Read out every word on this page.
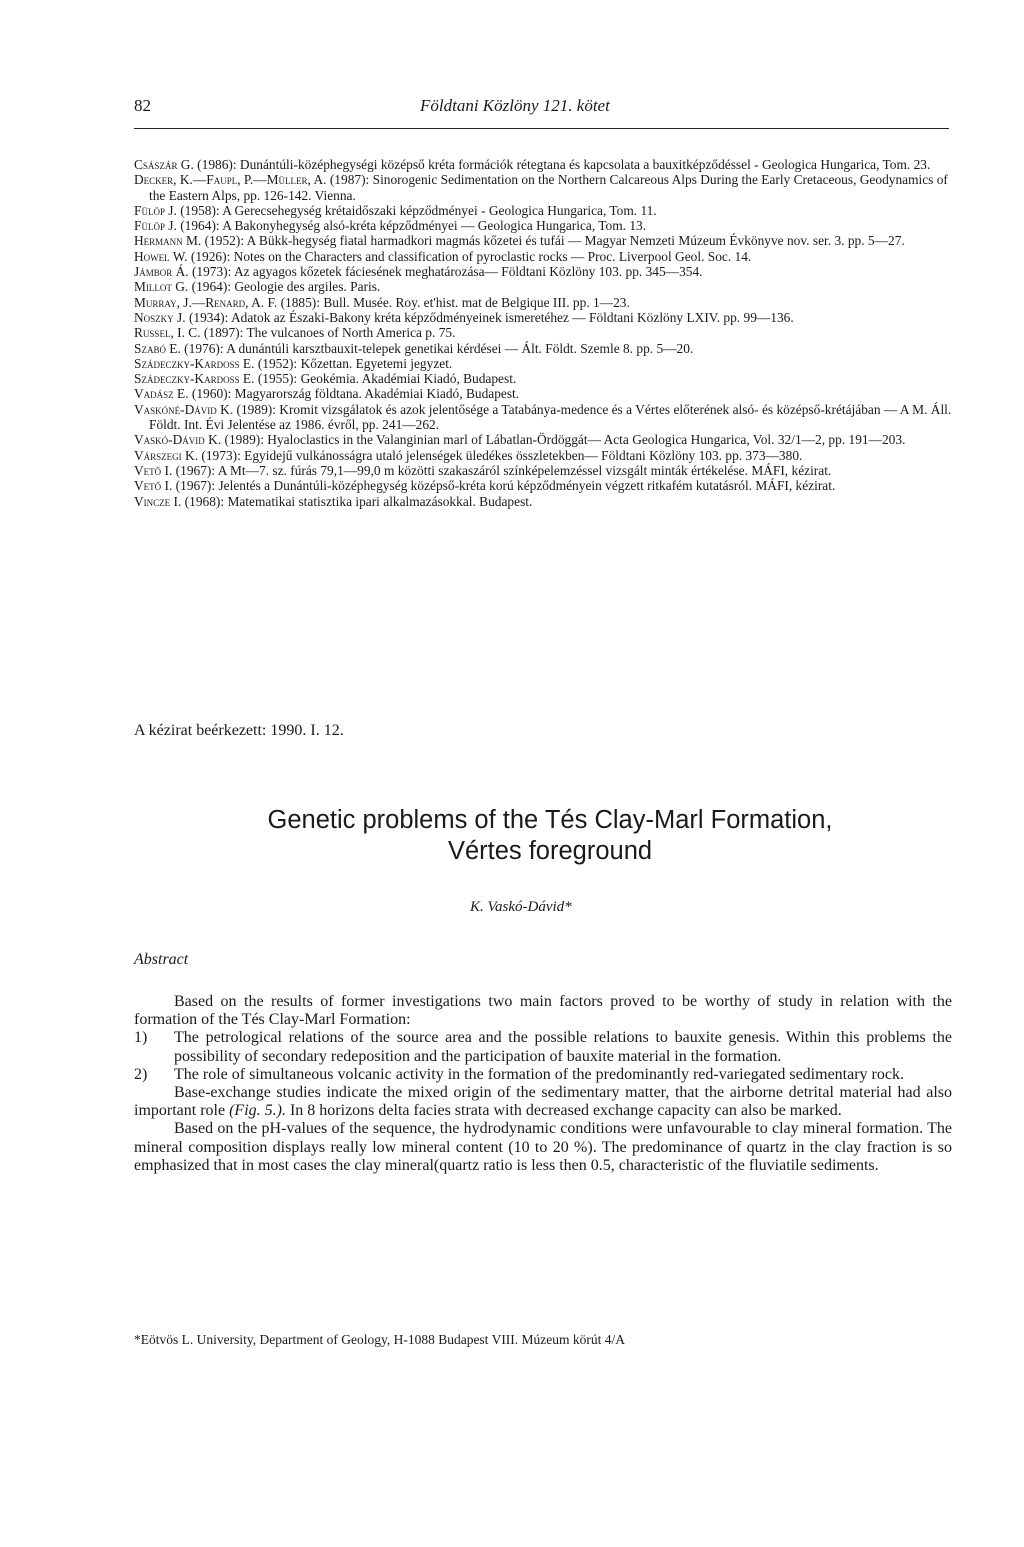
82	Földtani Közlöny 121. kötet

Császár G. (1986): Dunántúli-középhegységi középső kréta formációk rétegtana és kapcsolata a bauxitképződéssel - Geologica Hungarica, Tom. 23.

Decker, K.—Faupl, P.—Müller, A. (1987): Sinorogenic Sedimentation on the Northern Calcareous Alps During the Early Cretaceous, Geodynamics of the Eastern Alps, pp. 126-142. Vienna.

Fülöp J. (1958): A Gerecsehegység krétaidőszaki képződményei - Geologica Hungarica, Tom. 11.

Fülöp J. (1964): A Bakonyhegység alsó-kréta képződményei — Geologica Hungarica, Tom. 13.

Hermann M. (1952): A Bükk-hegység fiatal harmadkori magmás kőzetei és tufái — Magyar Nemzeti Múzeum Évkönyve nov. ser. 3. pp. 5—27.

Howel W. (1926): Notes on the Characters and classification of pyroclastic rocks — Proc. Liverpool Geol. Soc. 14.

Jámbor Á. (1973): Az agyagos kőzetek fáciesének meghatározása— Földtani Közlöny 103. pp. 345—354.

Millot G. (1964): Geologie des argiles. Paris.

Murray, J.—Renard, A. F. (1885): Bull. Musée. Roy. et'hist. mat de Belgique III. pp. 1—23.

Noszky J. (1934): Adatok az Északi-Bakony kréta képződményeinek ismeretéhez — Földtani Közlöny LXIV. pp. 99—136.

Russel, I. C. (1897): The vulcanoes of North America p. 75.

Szabó E. (1976): A dunántúli karsztbauxit-telepek genetikai kérdései — Ált. Földt. Szemle 8. pp. 5—20.

Szádeczky-Kardoss E. (1952): Kőzettan. Egyetemi jegyzet.

Szádeczky-Kardoss E. (1955): Geokémia. Akadémiai Kiadó, Budapest.

Vadász E. (1960): Magyarország földtana. Akadémiai Kiadó, Budapest.

Vaskóné-Dávid K. (1989): Kromit vizsgálatok és azok jelentősége a Tatabánya-medence és a Vértes előterének alsó- és középső-krétájában — A M. Áll. Földt. Int. Évi Jelentése az 1986. évről, pp. 241—262.

Vaskó-Dávid K. (1989): Hyaloclastics in the Valanginian marl of Lábatlan-Ördöggát— Acta Geologica Hungarica, Vol. 32/1—2, pp. 191—203.

Várszegi K. (1973): Egyidejű vulkánosságra utaló jelenségek üledékes összletekben— Földtani Közlöny 103. pp. 373—380.

Vető I. (1967): A Mt—7. sz. fúrás 79,1—99,0 m közötti szakaszáról színképelemzéssel vizsgált minták értékelése. MÁFI, kézirat.

Vető I. (1967): Jelentés a Dunántúli-középhegység középső-kréta korú képződményein végzett ritkafém kutatásról. MÁFI, kézirat.

Vincze I. (1968): Matematikai statisztika ipari alkalmazásokkal. Budapest.

A kézirat beérkezett: 1990. I. 12.
Genetic problems of the Tés Clay-Marl Formation,
Vértes foreground
K. Vaskó-Dávid*
Abstract

Based on the results of former investigations two main factors proved to be worthy of study in relation with the formation of the Tés Clay-Marl Formation:

1) The petrological relations of the source area and the possible relations to bauxite genesis. Within this problems the possibility of secondary redeposition and the participation of bauxite material in the formation.

2) The role of simultaneous volcanic activity in the formation of the predominantly red-variegated sedimentary rock.

Base-exchange studies indicate the mixed origin of the sedimentary matter, that the airborne detrital material had also important role (Fig. 5.). In 8 horizons delta facies strata with decreased exchange capacity can also be marked.

Based on the pH-values of the sequence, the hydrodynamic conditions were unfavourable to clay mineral formation. The mineral composition displays really low mineral content (10 to 20 %). The predominance of quartz in the clay fraction is so emphasized that in most cases the clay mineral(quartz ratio is less then 0.5, characteristic of the fluviatile sediments.

*Eötvös L. University, Department of Geology, H-1088 Budapest VIII. Múzeum körút 4/A
